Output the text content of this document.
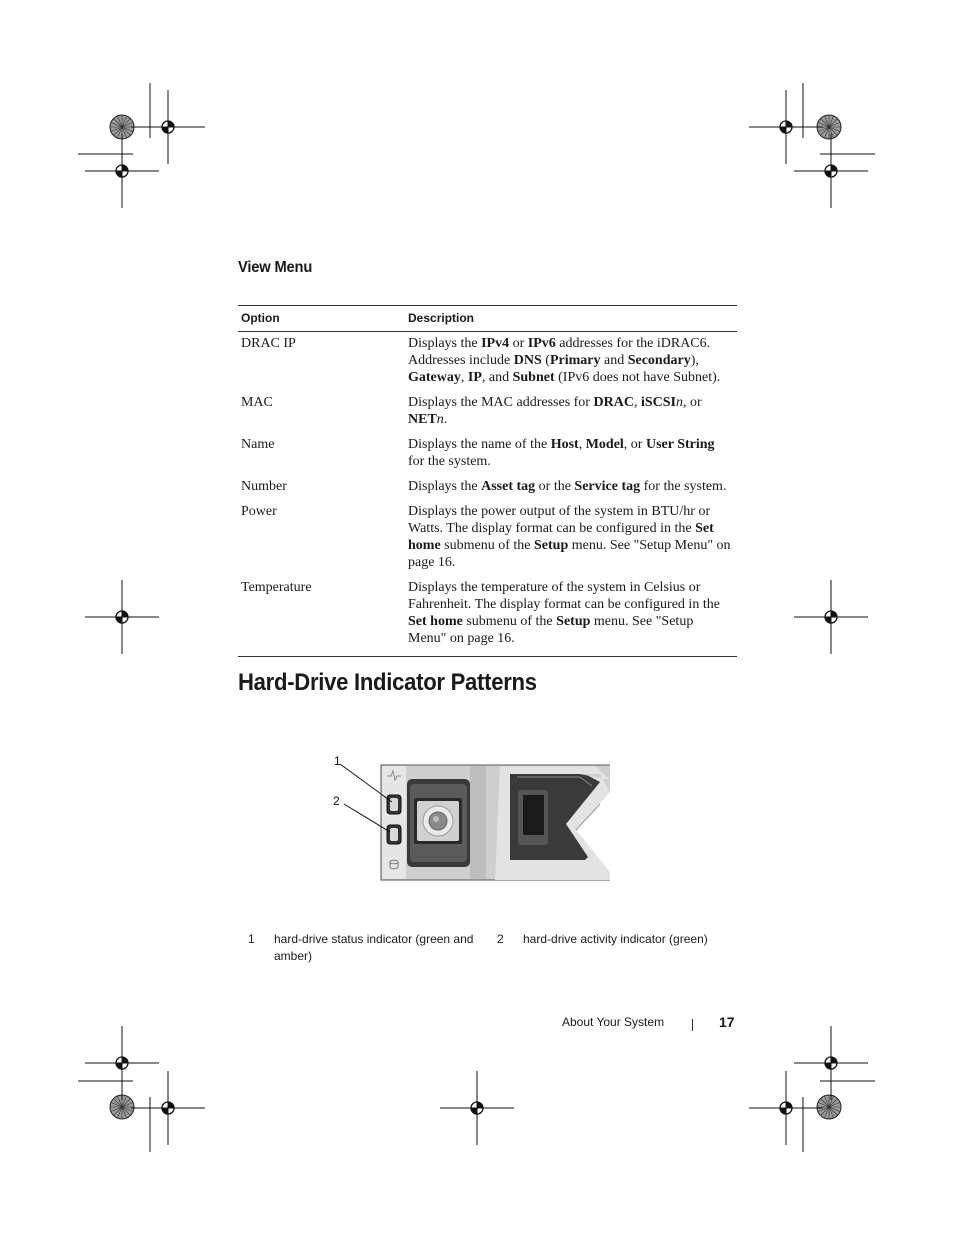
View Menu
Option	Description
DRAC IP	Displays the IPv4 or IPv6 addresses for the iDRAC6. Addresses include DNS (Primary and Secondary), Gateway, IP, and Subnet (IPv6 does not have Subnet).
MAC	Displays the MAC addresses for DRAC, iSCSIn, or NETn.
Name	Displays the name of the Host, Model, or User String for the system.
Number	Displays the Asset tag or the Service tag for the system.
Power	Displays the power output of the system in BTU/hr or Watts. The display format can be configured in the Set home submenu of the Setup menu. See "Setup Menu" on page 16.
Temperature	Displays the temperature of the system in Celsius or Fahrenheit. The display format can be configured in the Set home submenu of the Setup menu. See "Setup Menu" on page 16.
Hard-Drive Indicator Patterns
1
2
1 hard-drive status indicator (green and amber)
2 hard-drive activity indicator (green)
About Your System	17
